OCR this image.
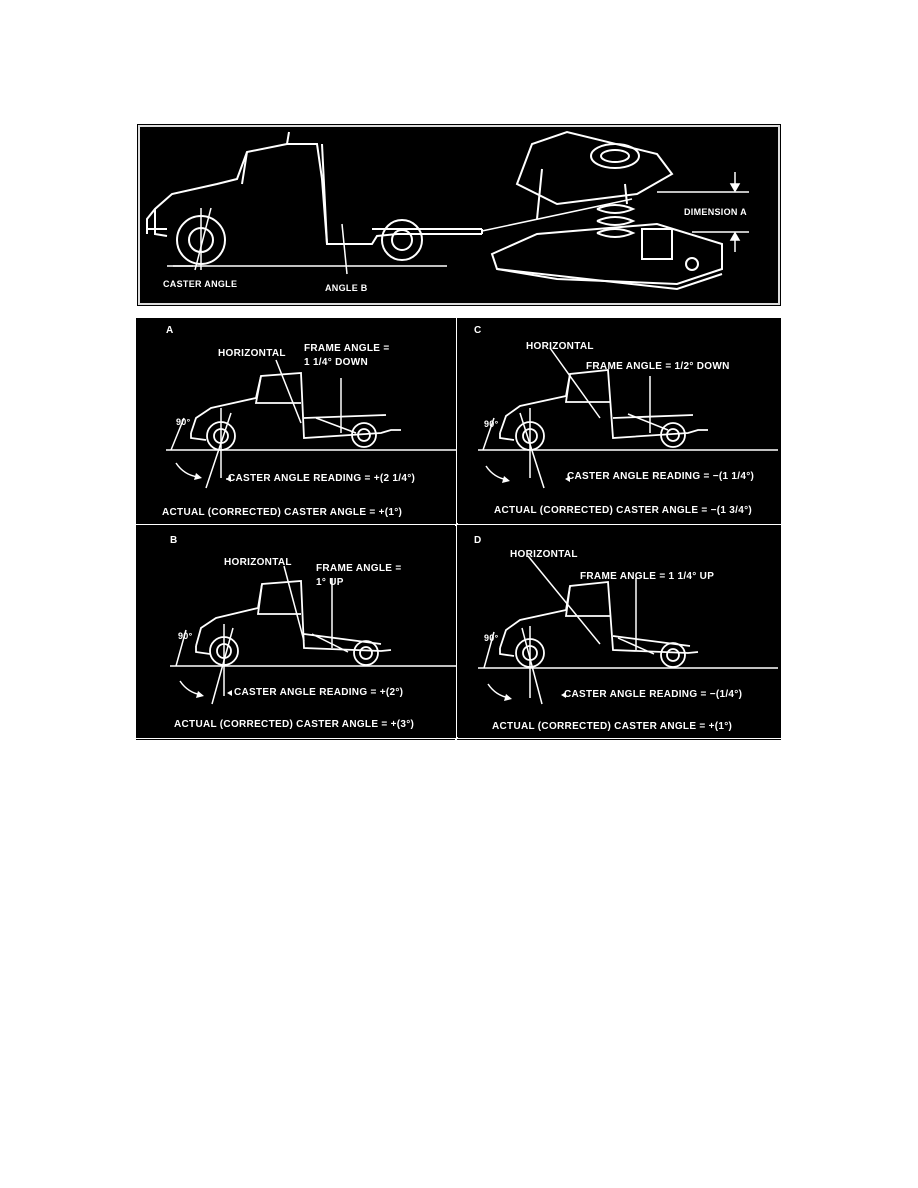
CASTER ANGLE	ANGLE B
DIMENSION A
A
HORIZONTAL FRAME ANGLE =
1 1/4° DOWN
90°
CASTER ANGLE READING = +(2 1/4°)
ACTUAL (CORRECTED) CASTER ANGLE = +(1°)
C
HORIZONTAL
FRAME ANGLE = 1/2° DOWN
90°
CASTER ANGLE READING = −(1 1/4°)
ACTUAL (CORRECTED) CASTER ANGLE = −(1 3/4°)
B
HORIZONTAL
FRAME ANGLE =
1° UP
90°
CASTER ANGLE READING = +(2°)
ACTUAL (CORRECTED) CASTER ANGLE = +(3°)
D
HORIZONTAL
FRAME ANGLE = 1 1/4° UP
90°
CASTER ANGLE READING = −(1/4°)
ACTUAL (CORRECTED) CASTER ANGLE = +(1°)
